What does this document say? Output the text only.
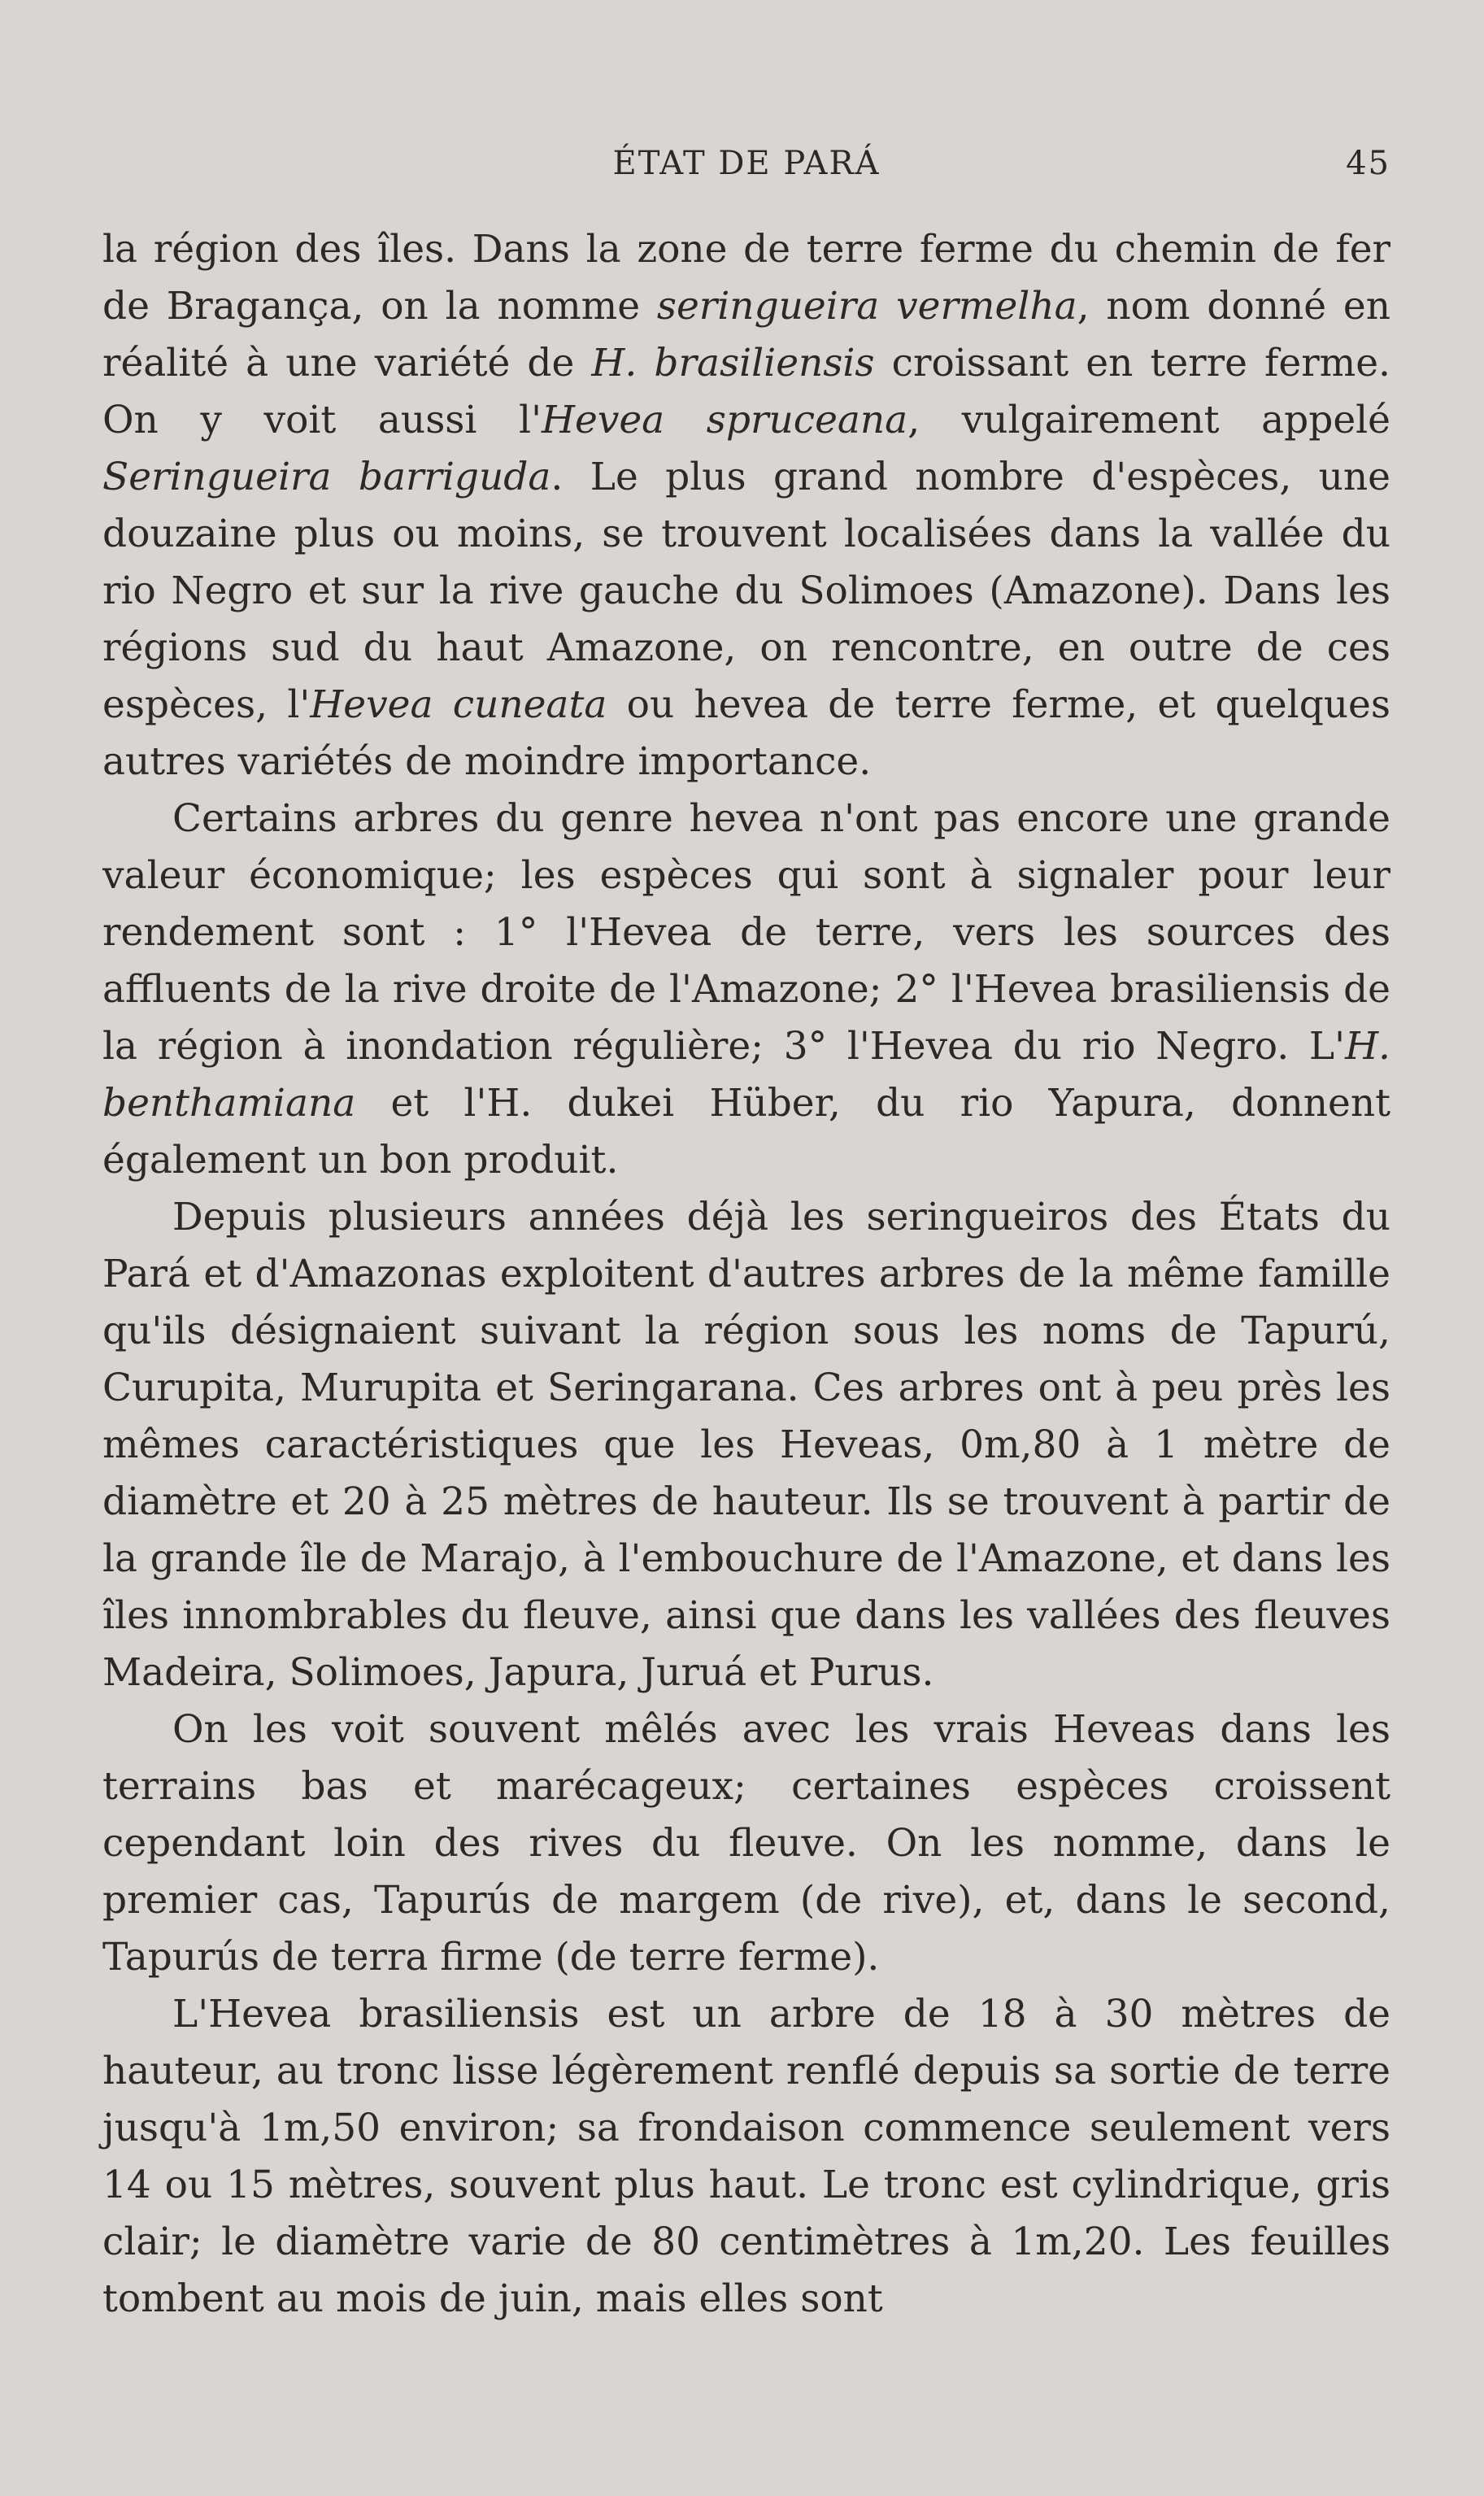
ÉTAT DE PARÁ	45

la région des îles. Dans la zone de terre ferme du chemin de fer de Bragança, on la nomme seringueira vermelha, nom donné en réalité à une variété de H. brasiliensis croissant en terre ferme. On y voit aussi l'Hevea spruceana, vulgairement appelé Seringueira barriguda. Le plus grand nombre d'espèces, une douzaine plus ou moins, se trouvent localisées dans la vallée du rio Negro et sur la rive gauche du Solimoes (Amazone). Dans les régions sud du haut Amazone, on rencontre, en outre de ces espèces, l'Hevea cuneata ou hevea de terre ferme, et quelques autres variétés de moindre importance.

Certains arbres du genre hevea n'ont pas encore une grande valeur économique; les espèces qui sont à signaler pour leur rendement sont : 1° l'Hevea de terre, vers les sources des affluents de la rive droite de l'Amazone; 2° l'Hevea brasiliensis de la région à inondation régulière; 3° l'Hevea du rio Negro. L'H. benthamiana et l'H. dukei Hüber, du rio Yapura, donnent également un bon produit.

Depuis plusieurs années déjà les seringueiros des États du Pará et d'Amazonas exploitent d'autres arbres de la même famille qu'ils désignaient suivant la région sous les noms de Tapurú, Curupita, Murupita et Seringarana. Ces arbres ont à peu près les mêmes caractéristiques que les Heveas, 0m,80 à 1 mètre de diamètre et 20 à 25 mètres de hauteur. Ils se trouvent à partir de la grande île de Marajo, à l'embouchure de l'Amazone, et dans les îles innombrables du fleuve, ainsi que dans les vallées des fleuves Madeira, Solimoes, Japura, Juruá et Purus.

On les voit souvent mêlés avec les vrais Heveas dans les terrains bas et marécageux; certaines espèces croissent cependant loin des rives du fleuve. On les nomme, dans le premier cas, Tapurús de margem (de rive), et, dans le second, Tapurús de terra firme (de terre ferme).

L'Hevea brasiliensis est un arbre de 18 à 30 mètres de hauteur, au tronc lisse légèrement renflé depuis sa sortie de terre jusqu'à 1m,50 environ; sa frondaison commence seulement vers 14 ou 15 mètres, souvent plus haut. Le tronc est cylindrique, gris clair; le diamètre varie de 80 centimètres à 1m,20. Les feuilles tombent au mois de juin, mais elles sont
